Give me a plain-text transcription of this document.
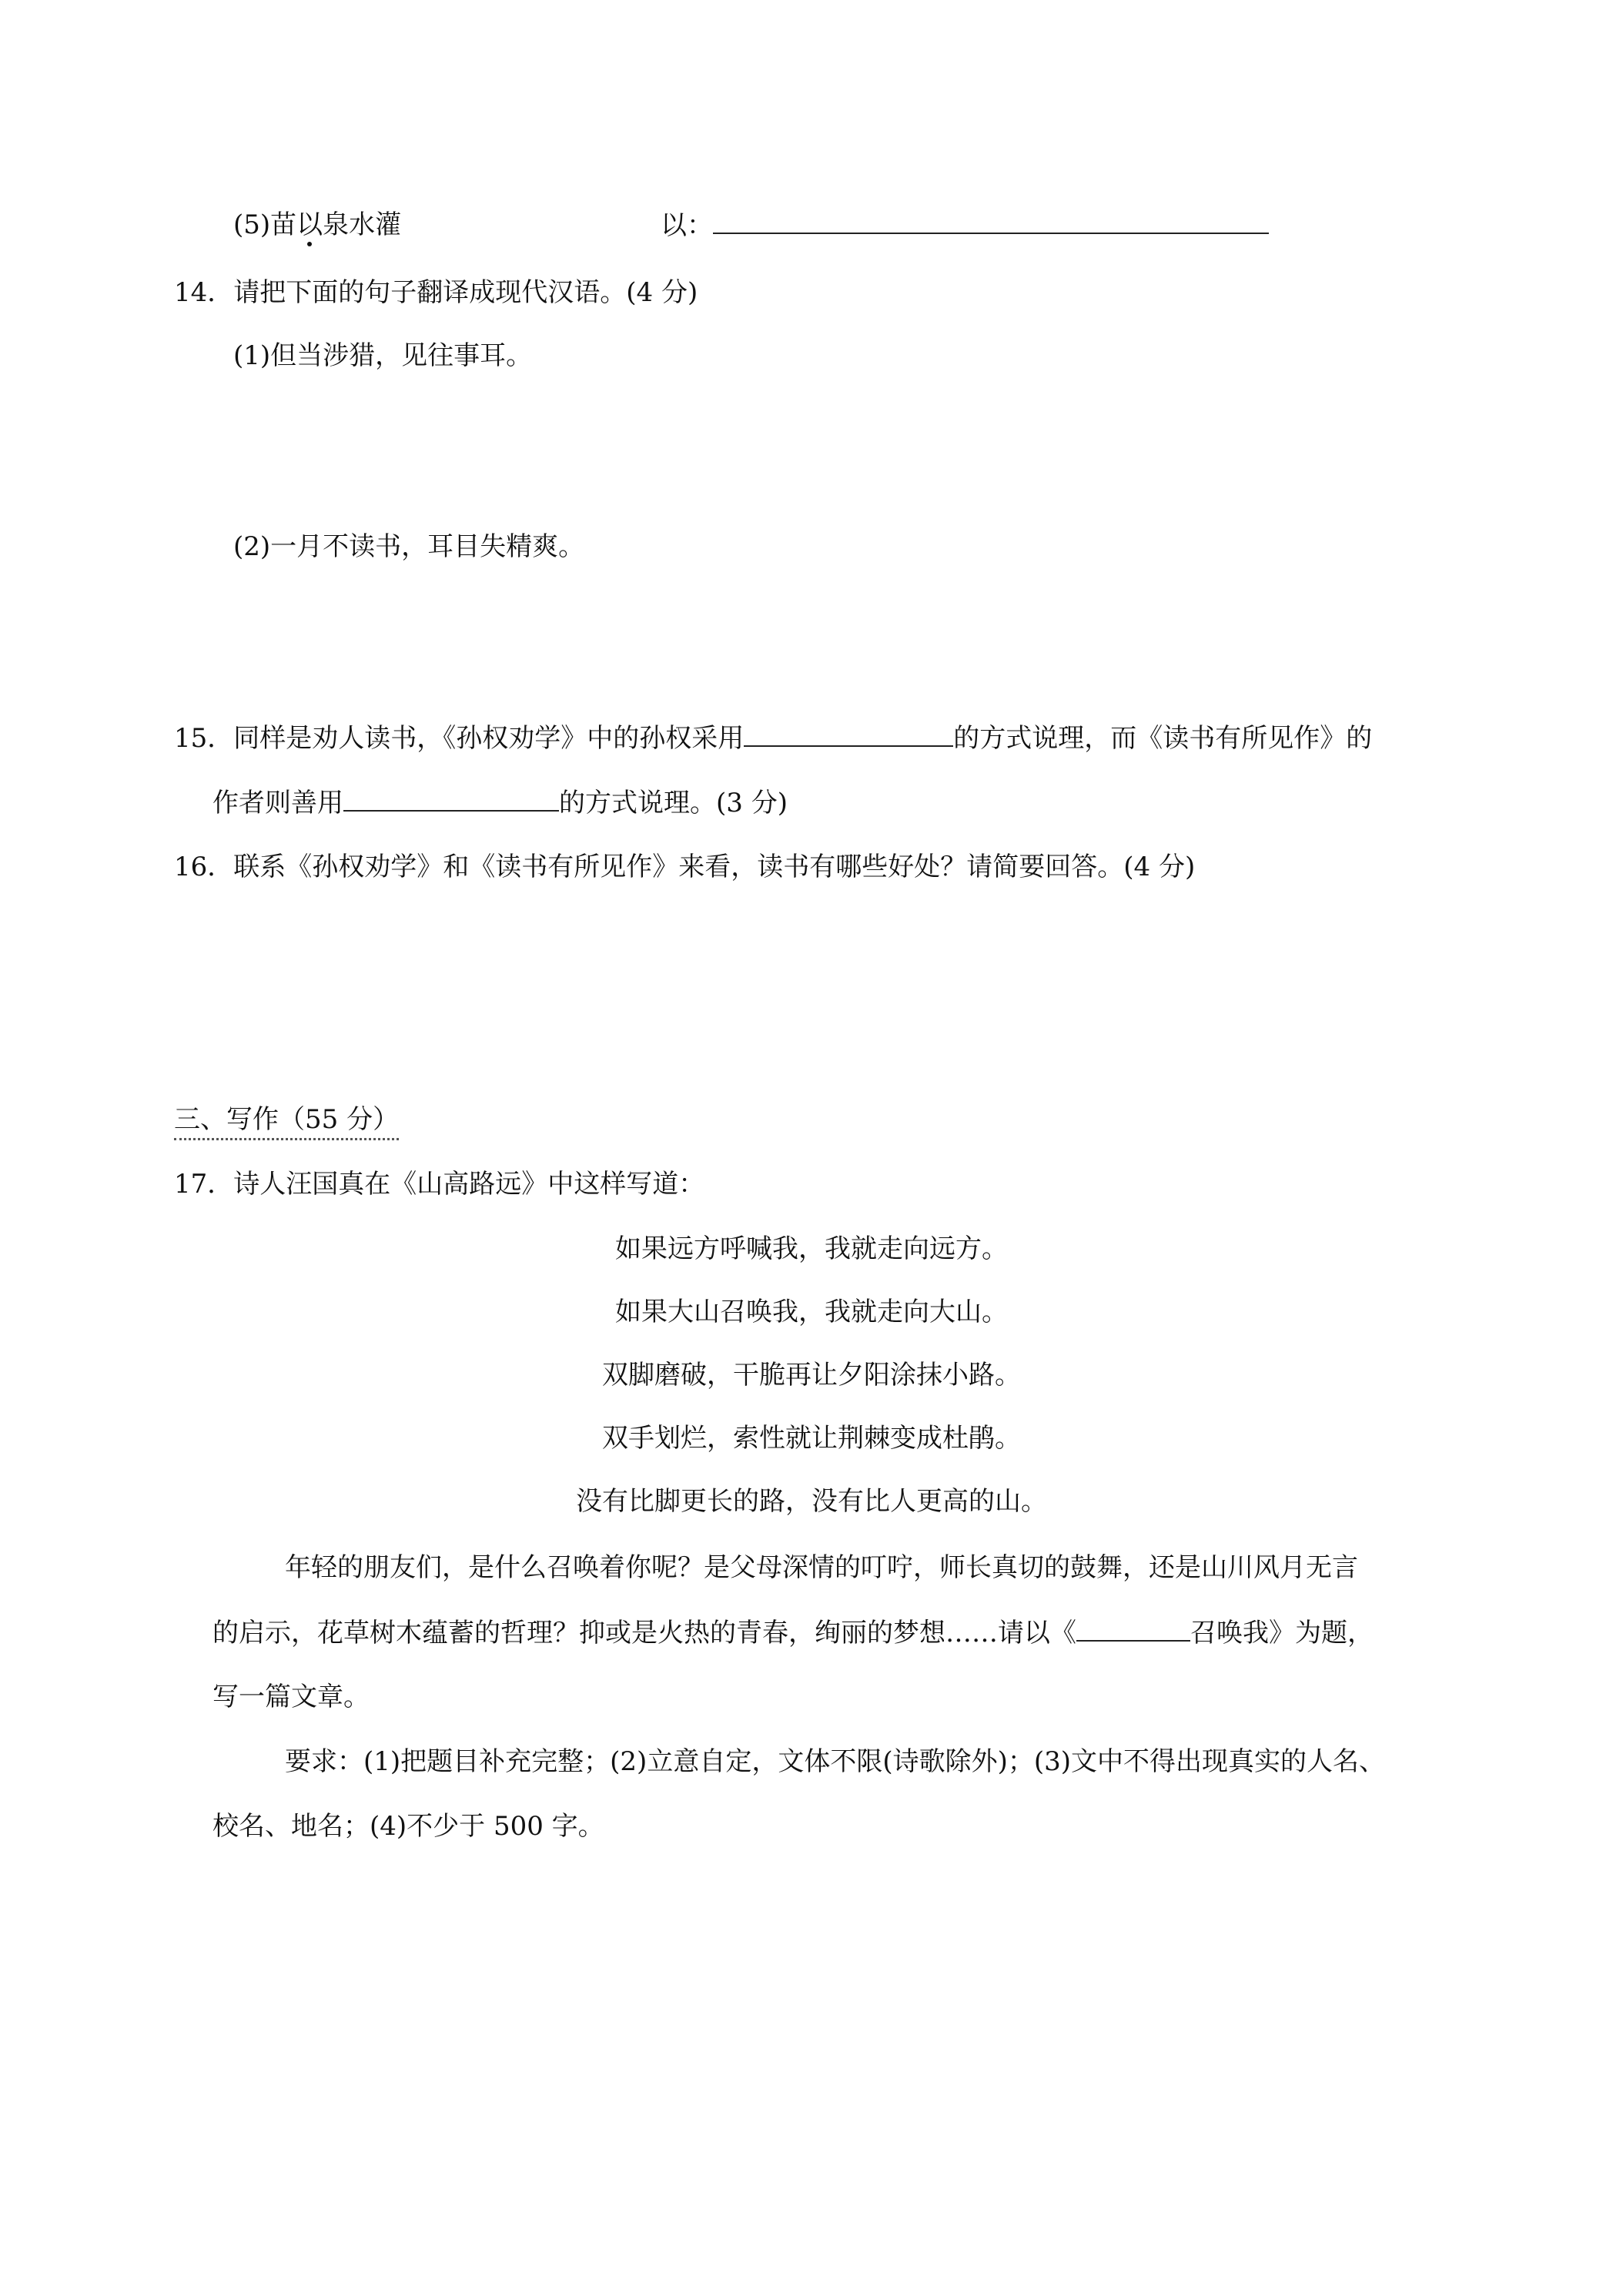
(5)苗以泉水灌	以：
14．请把下面的句子翻译成现代汉语。(4 分)
(1)但当涉猎，见往事耳。
(2)一月不读书，耳目失精爽。
15．同样是劝人读书，《孙权劝学》中的孙权采用	的方式说理，而《读书有所见作》的
作者则善用	的方式说理。(3 分)
16．联系《孙权劝学》和《读书有所见作》来看，读书有哪些好处？请简要回答。(4 分)
三、写作（55 分）
17．诗人汪国真在《山高路远》中这样写道：
如果远方呼喊我，我就走向远方。
如果大山召唤我，我就走向大山。
双脚磨破，干脆再让夕阳涂抹小路。
双手划烂，索性就让荆棘变成杜鹃。
没有比脚更长的路，没有比人更高的山。
年轻的朋友们，是什么召唤着你呢？是父母深情的叮咛，师长真切的鼓舞，还是山川风月无言
的启示，花草树木蕴蓄的哲理？抑或是火热的青春，绚丽的梦想……请以《	召唤我》为题，
写一篇文章。
要求：(1)把题目补充完整；(2)立意自定，文体不限(诗歌除外)；(3)文中不得出现真实的人名、
校名、地名；(4)不少于 500 字。
